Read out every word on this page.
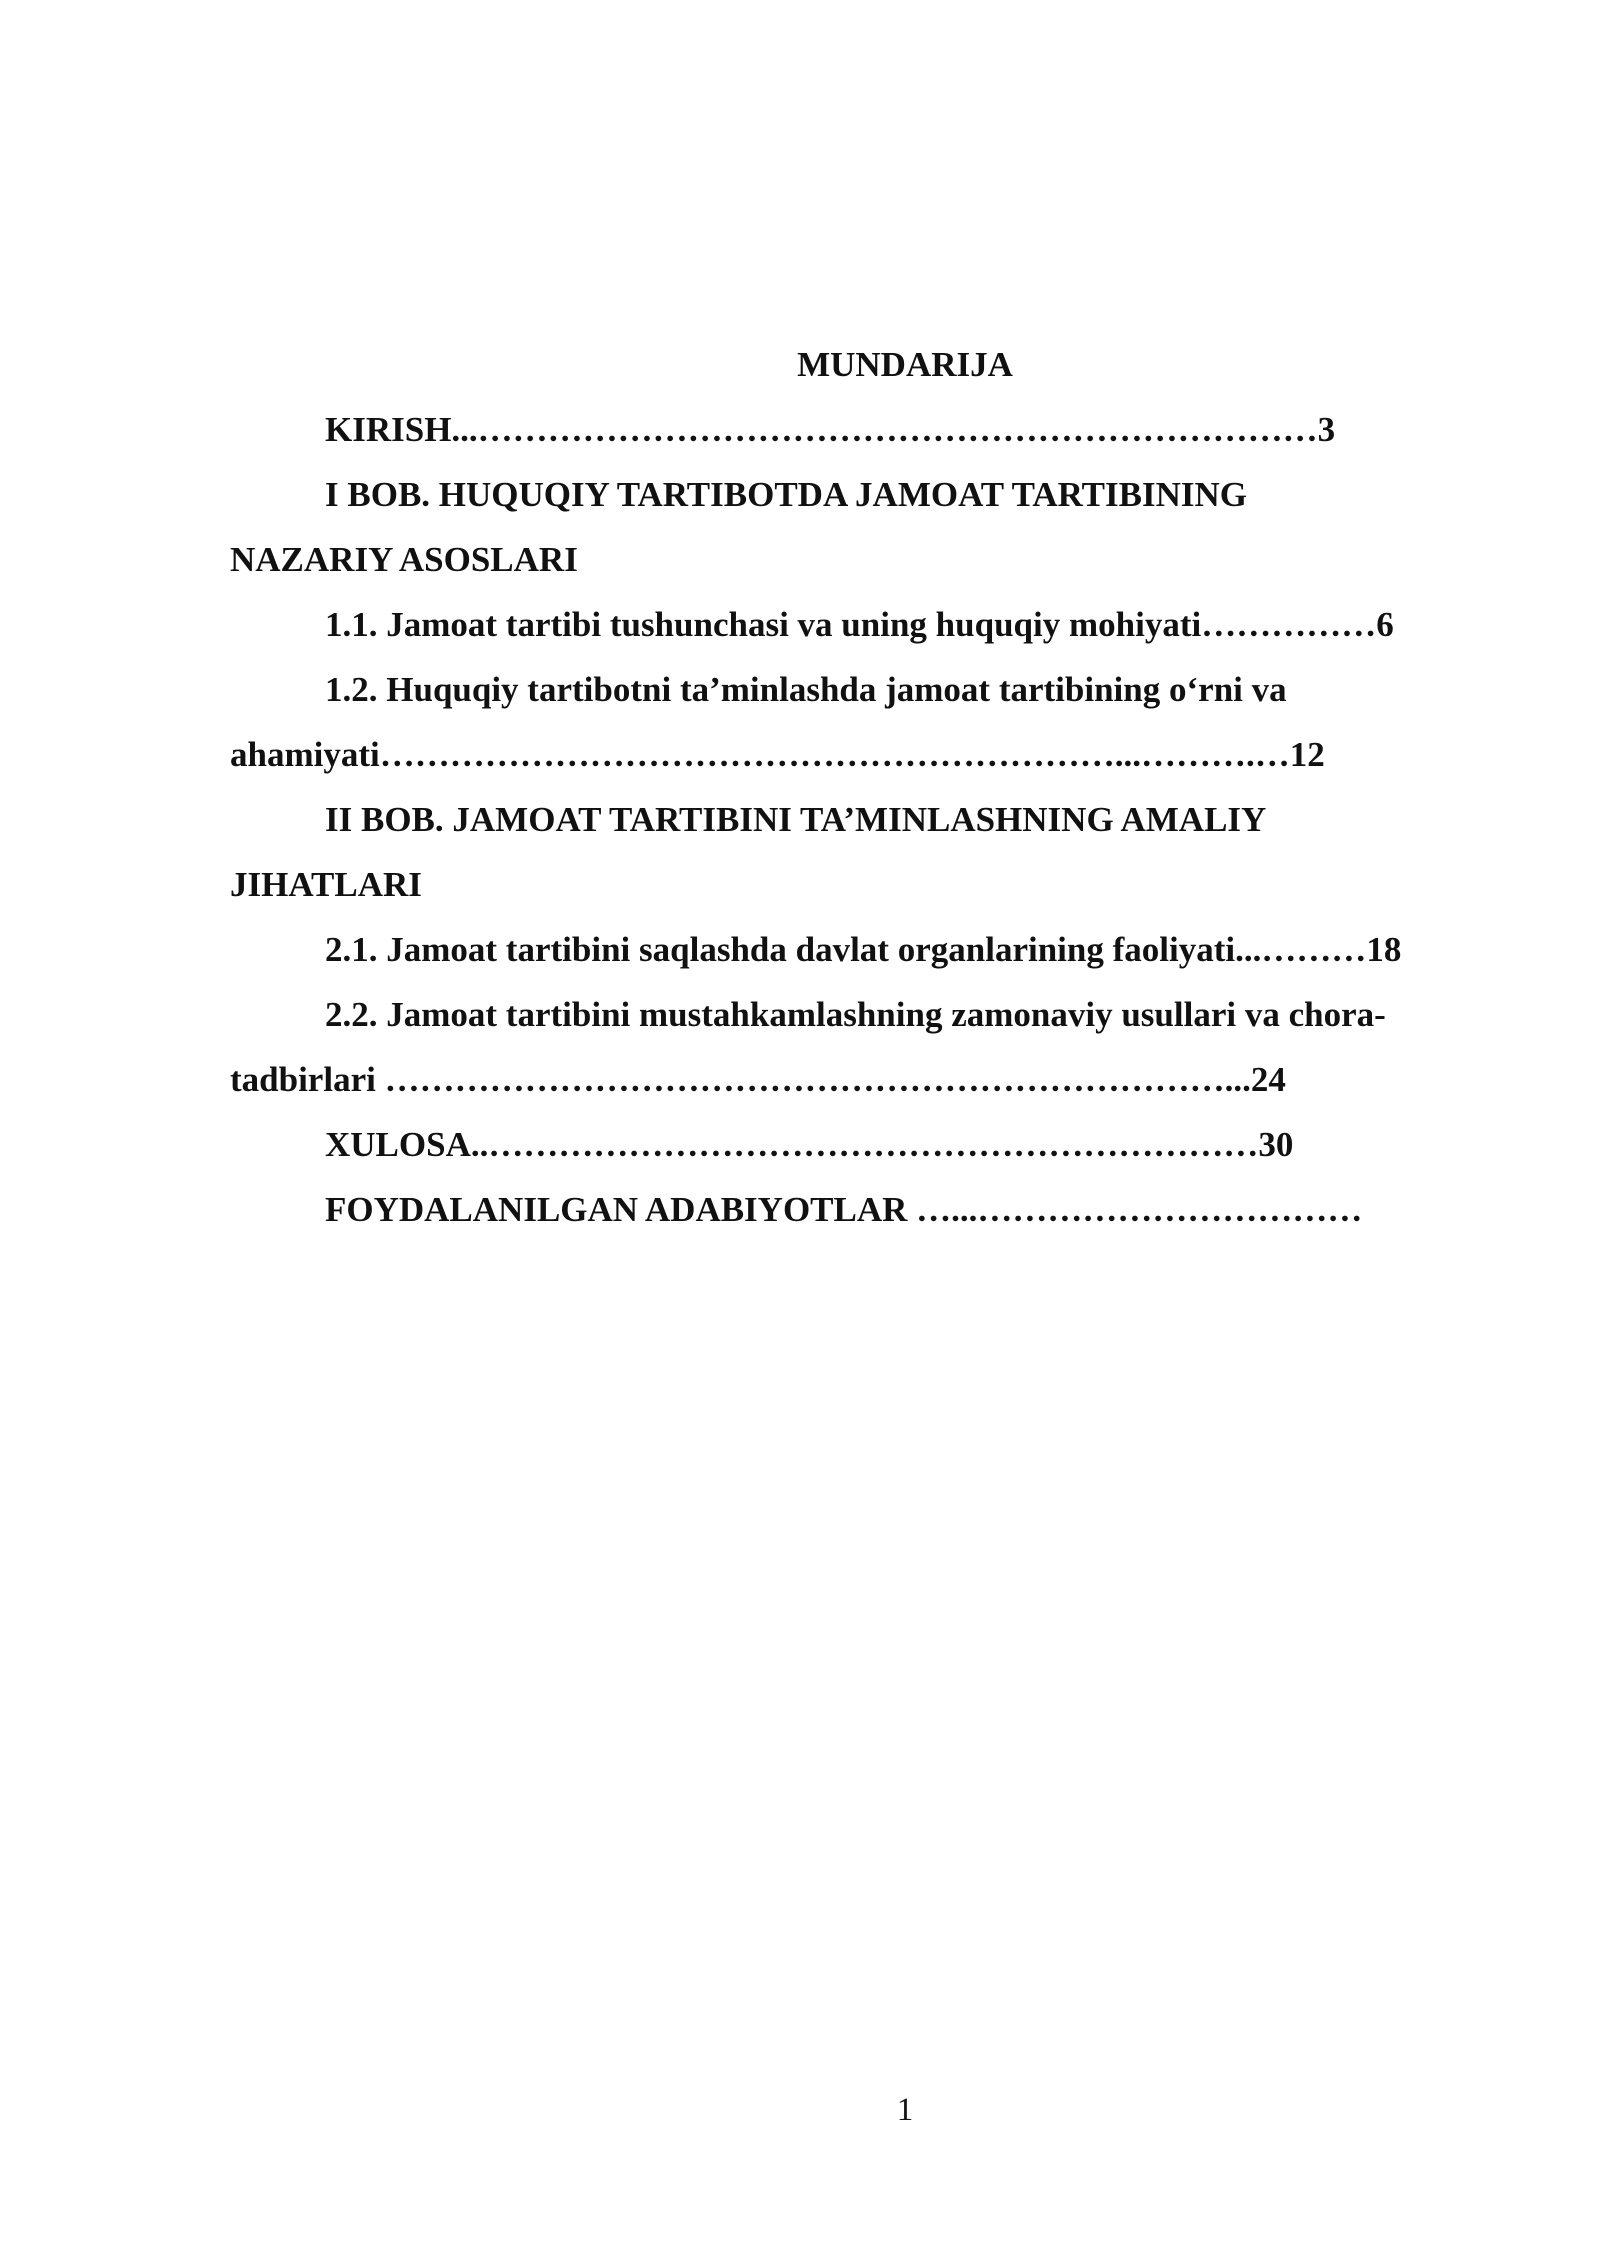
MUNDARIJA
KIRISH...………………………………………………………………3
I BOB. HUQUQIY TARTIBOTDA JAMOAT TARTIBINING
NAZARIY ASOSLARI
1.1. Jamoat tartibi tushunchasi va uning huquqiy mohiyati……………6
1.2. Huquqiy tartibotni ta’minlashda jamoat tartibining o‘rni va
ahamiyati………………………………………………………...……….…12
II BOB. JAMOAT TARTIBINI TA’MINLASHNING AMALIY
JIHATLARI
2.1. Jamoat tartibini saqlashda davlat organlarining faoliyati...………18
2.2. Jamoat tartibini mustahkamlashning zamonaviy usullari va chora-
tadbirlari ………………………………………………………………...24
XULOSA..…………………………………………………………30
FOYDALANILGAN ADABIYOTLAR …...……………………………
1
